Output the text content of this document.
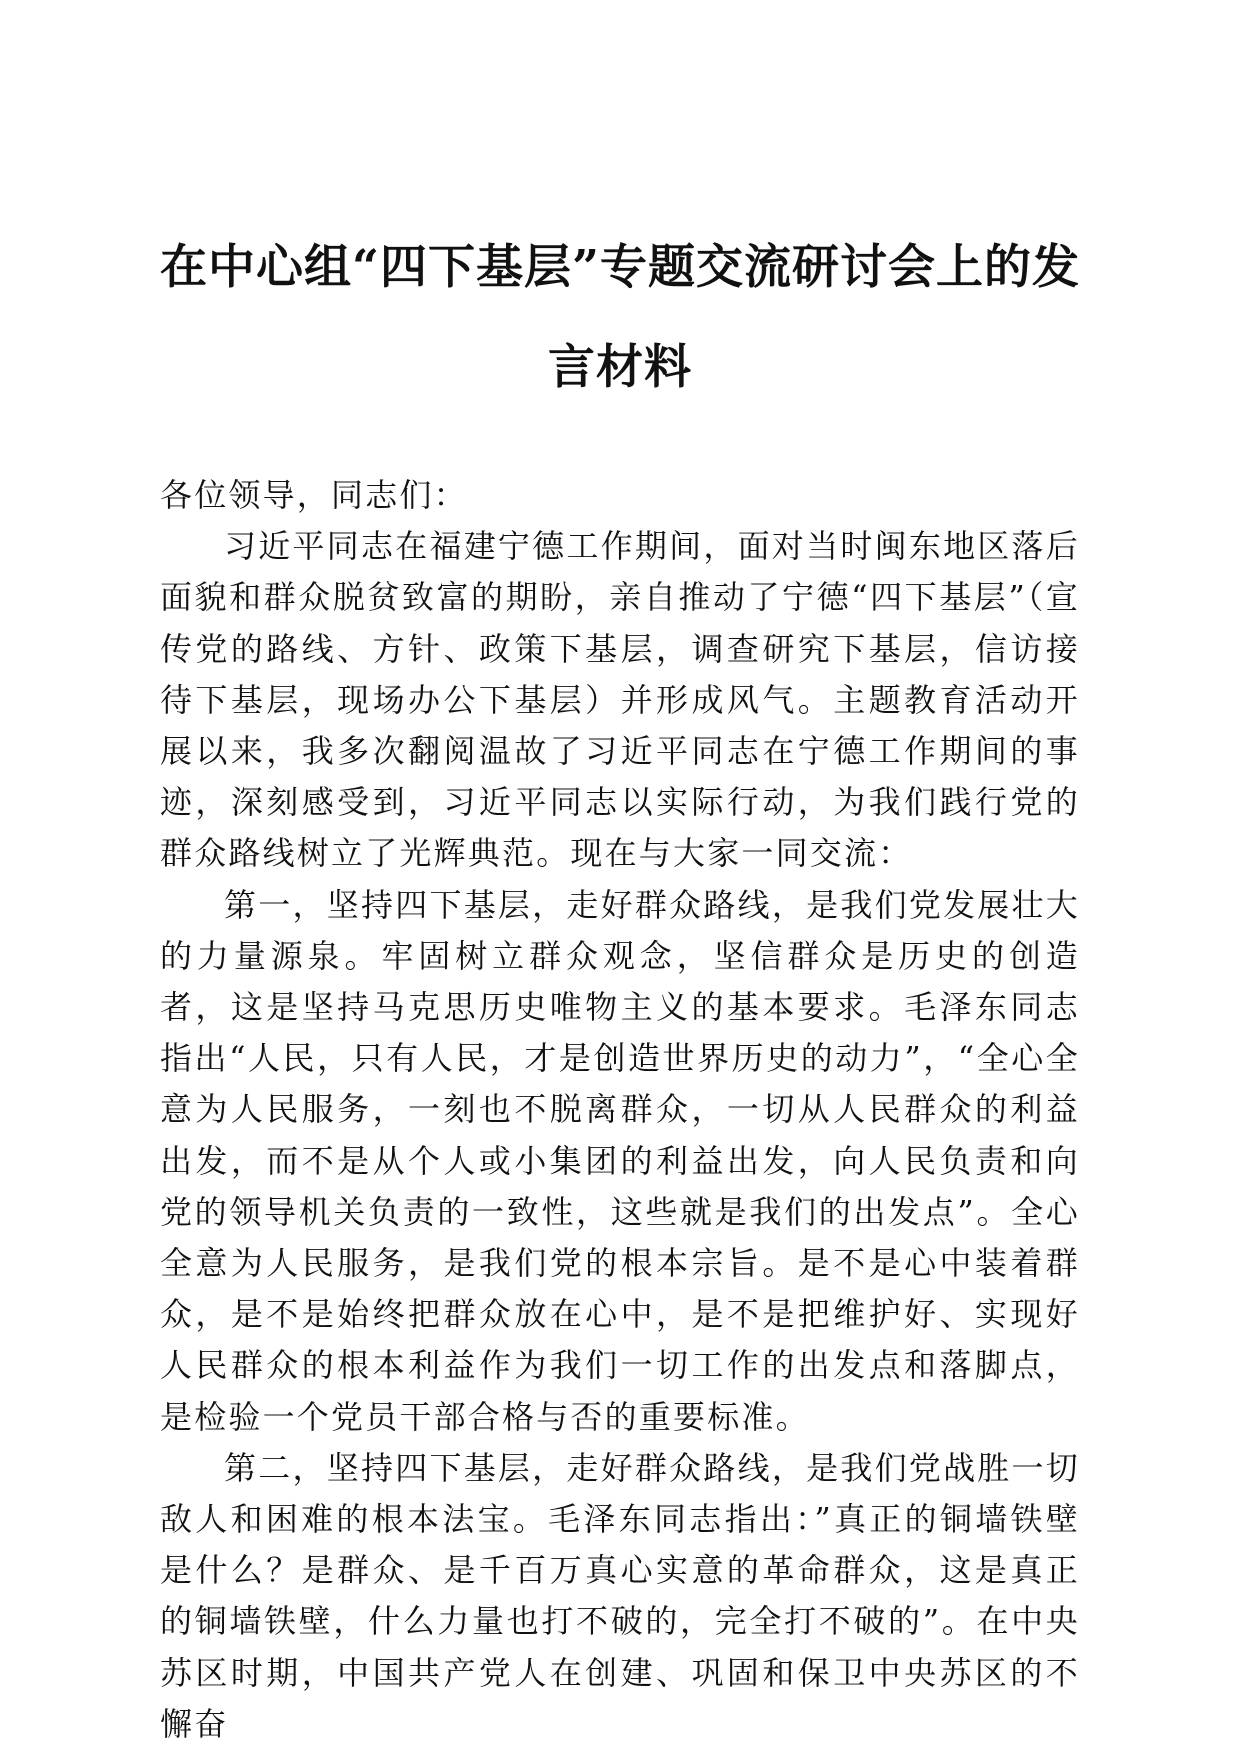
在中心组“四下基层”专题交流研讨会上的发言材料

各位领导，同志们：

习近平同志在福建宁德工作期间，面对当时闽东地区落后面貌和群众脱贫致富的期盼，亲自推动了宁德“四下基层”（宣传党的路线、方针、政策下基层，调查研究下基层，信访接待下基层，现场办公下基层）并形成风气。主题教育活动开展以来，我多次翻阅温故了习近平同志在宁德工作期间的事迹，深刻感受到，习近平同志以实际行动，为我们践行党的群众路线树立了光辉典范。现在与大家一同交流：

第一，坚持四下基层，走好群众路线，是我们党发展壮大的力量源泉。牢固树立群众观念，坚信群众是历史的创造者，这是坚持马克思历史唯物主义的基本要求。毛泽东同志指出“人民，只有人民，才是创造世界历史的动力”，“全心全意为人民服务，一刻也不脱离群众，一切从人民群众的利益出发，而不是从个人或小集团的利益出发，向人民负责和向党的领导机关负责的一致性，这些就是我们的出发点”。全心全意为人民服务，是我们党的根本宗旨。是不是心中装着群众，是不是始终把群众放在心中，是不是把维护好、实现好人民群众的根本利益作为我们一切工作的出发点和落脚点，是检验一个党员干部合格与否的重要标准。

第二，坚持四下基层，走好群众路线，是我们党战胜一切敌人和困难的根本法宝。毛泽东同志指出：”真正的铜墙铁壁是什么？是群众、是千百万真心实意的革命群众，这是真正的铜墙铁壁，什么力量也打不破的，完全打不破的”。在中央苏区时期，中国共产党人在创建、巩固和保卫中央苏区的不懈奋
